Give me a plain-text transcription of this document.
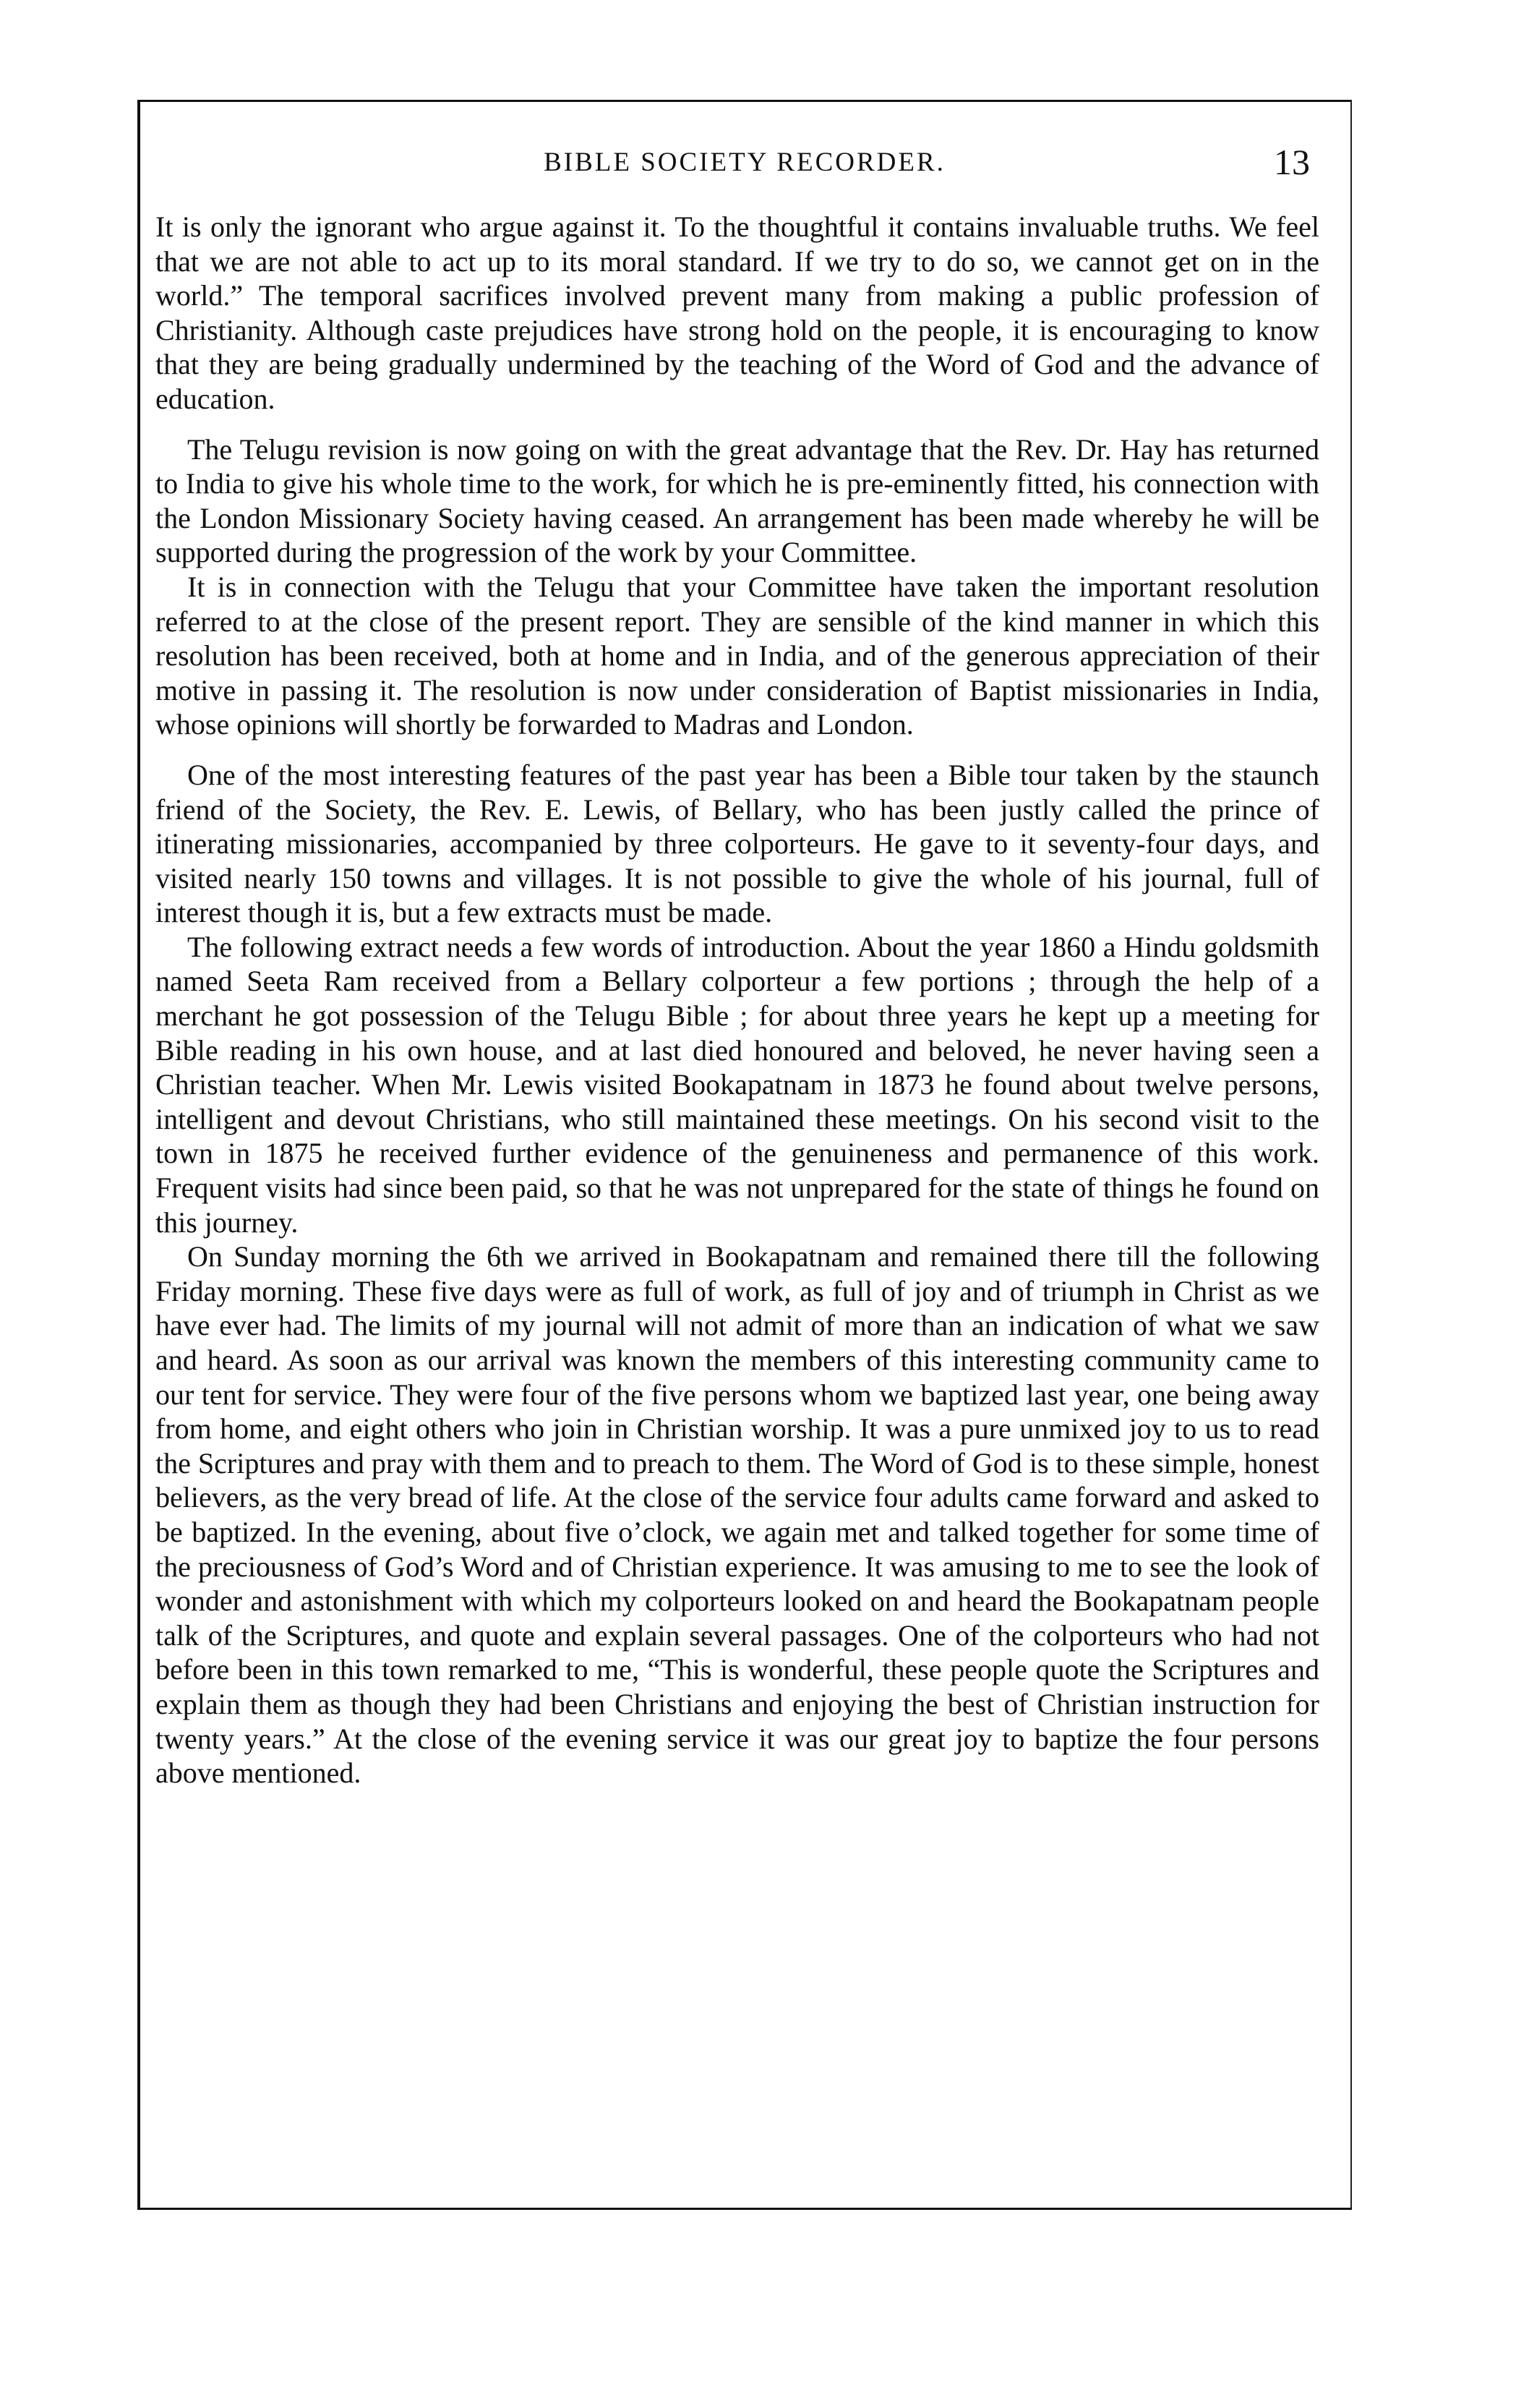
BIBLE SOCIETY RECORDER.	13

It is only the ignorant who argue against it. To the thoughtful it contains invaluable truths. We feel that we are not able to act up to its moral standard. If we try to do so, we cannot get on in the world.” The temporal sacrifices involved prevent many from making a public profession of Christianity. Although caste prejudices have strong hold on the people, it is encouraging to know that they are being gradually undermined by the teaching of the Word of God and the advance of education.

The Telugu revision is now going on with the great advantage that the Rev. Dr. Hay has returned to India to give his whole time to the work, for which he is pre-eminently fitted, his connection with the London Missionary Society having ceased. An arrangement has been made whereby he will be supported during the progression of the work by your Committee.

It is in connection with the Telugu that your Committee have taken the important resolution referred to at the close of the present report. They are sensible of the kind manner in which this resolution has been received, both at home and in India, and of the generous appreciation of their motive in passing it. The resolution is now under consideration of Baptist missionaries in India, whose opinions will shortly be forwarded to Madras and London.

One of the most interesting features of the past year has been a Bible tour taken by the staunch friend of the Society, the Rev. E. Lewis, of Bellary, who has been justly called the prince of itinerating missionaries, accompanied by three colporteurs. He gave to it seventy-four days, and visited nearly 150 towns and villages. It is not possible to give the whole of his journal, full of interest though it is, but a few extracts must be made.

The following extract needs a few words of introduction. About the year 1860 a Hindu goldsmith named Seeta Ram received from a Bellary colporteur a few portions ; through the help of a merchant he got possession of the Telugu Bible ; for about three years he kept up a meeting for Bible reading in his own house, and at last died honoured and beloved, he never having seen a Christian teacher. When Mr. Lewis visited Bookapatnam in 1873 he found about twelve persons, intelligent and devout Christians, who still maintained these meetings. On his second visit to the town in 1875 he received further evidence of the genuineness and permanence of this work. Frequent visits had since been paid, so that he was not unprepared for the state of things he found on this journey.

On Sunday morning the 6th we arrived in Bookapatnam and remained there till the following Friday morning. These five days were as full of work, as full of joy and of triumph in Christ as we have ever had. The limits of my journal will not admit of more than an indication of what we saw and heard. As soon as our arrival was known the members of this interesting community came to our tent for service. They were four of the five persons whom we baptized last year, one being away from home, and eight others who join in Christian worship. It was a pure unmixed joy to us to read the Scriptures and pray with them and to preach to them. The Word of God is to these simple, honest believers, as the very bread of life. At the close of the service four adults came forward and asked to be baptized. In the evening, about five o’clock, we again met and talked together for some time of the preciousness of God’s Word and of Christian experience. It was amusing to me to see the look of wonder and astonishment with which my colporteurs looked on and heard the Bookapatnam people talk of the Scriptures, and quote and explain several passages. One of the colporteurs who had not before been in this town remarked to me, “This is wonderful, these people quote the Scriptures and explain them as though they had been Christians and enjoying the best of Christian instruction for twenty years.” At the close of the evening service it was our great joy to baptize the four persons above mentioned.
